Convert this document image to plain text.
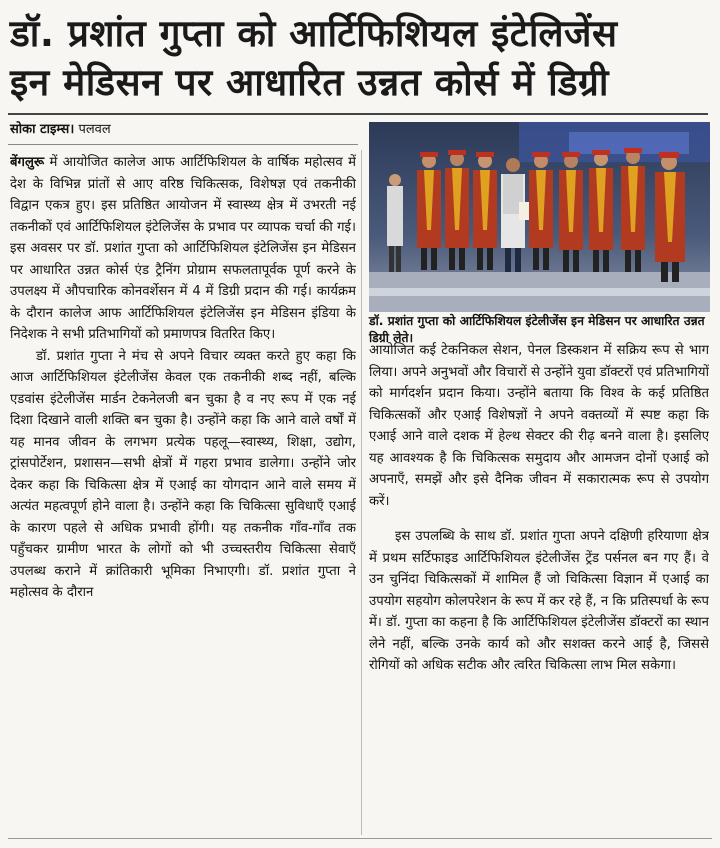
डॉ. प्रशांत गुप्ता को आर्टिफिशियल इंटेलिजेंस
इन मेडिसन पर आधारित उन्नत कोर्स में डिग्री
सोका टाइम्स। पलवल

बेंगलुरू में आयोजित कालेज आफ आर्टिफिशियल के वार्षिक महोत्सव में देश के विभिन्न प्रांतों से आए वरिष्ठ चिकित्सक, विशेषज्ञ एवं तकनीकी विद्वान एकत्र हुए। इस प्रतिष्ठित आयोजन में स्वास्थ्य क्षेत्र में उभरती नई तकनीकों एवं आर्टिफिशियल इंटेलिजेंस के प्रभाव पर व्यापक चर्चा की गई। इस अवसर पर डॉ. प्रशांत गुप्ता को आर्टिफिशियल इंटेलिजेंस इन मेडिसन पर आधारित उन्नत कोर्स एंड ट्रैनिंग प्रोग्राम सफलतापूर्वक पूर्ण करने के उपलक्ष्य में औपचारिक कोनवर्शेसन में 4 में डिग्री प्रदान की गई। कार्यक्रम के दौरान कालेज आफ आर्टिफिशियल इंटेलिजेंस इन मेडिसन इंडिया के निदेशक ने सभी प्रतिभागियों को प्रमाणपत्र वितरित किए।

डॉ. प्रशांत गुप्ता ने मंच से अपने विचार व्यक्त करते हुए कहा कि आज आर्टिफिशियल इंटेलीजेंस केवल एक तकनीकी शब्द नहीं, बल्कि एडवांस इंटेलीजेंस मार्डन टेकनेलजी बन चुका है व नए रूप में एक नई दिशा दिखाने वाली शक्ति बन चुका है। उन्होंने कहा कि आने वाले वर्षों में यह मानव जीवन के लगभग प्रत्येक पहलू—स्वास्थ्य, शिक्षा, उद्योग, ट्रांसपोर्टेशन, प्रशासन—सभी क्षेत्रों में गहरा प्रभाव डालेगा। उन्होंने जोर देकर कहा कि चिकित्सा क्षेत्र में एआई का योगदान आने वाले समय में अत्यंत महत्वपूर्ण होने वाला है। उन्होंने कहा कि चिकित्सा सुविधाएँ एआई के कारण पहले से अधिक प्रभावी होंगी। यह तकनीक गाँव-गाँव तक पहुँचकर ग्रामीण भारत के लोगों को भी उच्चस्तरीय चिकित्सा सेवाएँ उपलब्ध कराने में क्रांतिकारी भूमिका निभाएगी। डॉ. प्रशांत गुप्ता ने महोत्सव के दौरान

डॉ. प्रशांत गुप्ता को आर्टिफिशियल इंटेलीजेंस इन मेडिसन पर आधारित उन्नत डिग्री लेते।

आयोजित कई टेकनिकल सेशन, पेनल डिस्कशन में सक्रिय रूप से भाग लिया। अपने अनुभवों और विचारों से उन्होंने युवा डॉक्टरों एवं प्रतिभागियों को मार्गदर्शन प्रदान किया। उन्होंने बताया कि विश्व के कई प्रतिष्ठित चिकित्सकों और एआई विशेषज्ञों ने अपने वक्तव्यों में स्पष्ट कहा कि एआई आने वाले दशक में हेल्थ सेक्टर की रीढ़ बनने वाला है। इसलिए यह आवश्यक है कि चिकित्सक समुदाय और आमजन दोनों एआई को अपनाएँ, समझें और इसे दैनिक जीवन में सकारात्मक रूप से उपयोग करें।

इस उपलब्धि के साथ डॉ. प्रशांत गुप्ता अपने दक्षिणी हरियाणा क्षेत्र में प्रथम सर्टिफाइड आर्टिफिशियल इंटेलीजेंस ट्रेंड पर्सनल बन गए हैं। वे उन चुनिंदा चिकित्सकों में शामिल हैं जो चिकित्सा विज्ञान में एआई का उपयोग सहयोग कोलपरेशन के रूप में कर रहे हैं, न कि प्रतिस्पर्धा के रूप में। डॉ. गुप्ता का कहना है कि आर्टिफिशियल इंटेलीजेंस डॉक्टरों का स्थान लेने नहीं, बल्कि उनके कार्य को और सशक्त करने आई है, जिससे रोगियों को अधिक सटीक और त्वरित चिकित्सा लाभ मिल सकेगा।
